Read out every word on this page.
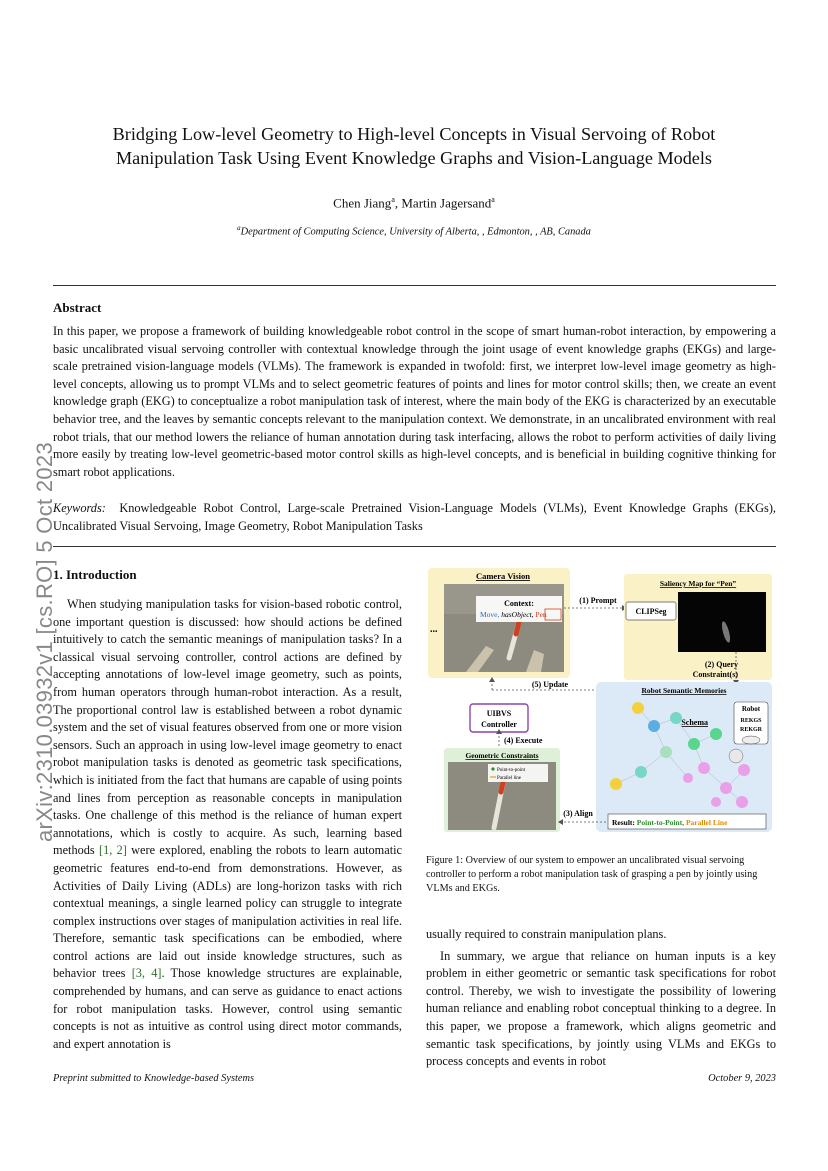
arXiv:2310.03932v1 [cs.RO] 5 Oct 2023
Bridging Low-level Geometry to High-level Concepts in Visual Servoing of Robot
Manipulation Task Using Event Knowledge Graphs and Vision-Language Models
Chen Jiang$^a$, Martin Jagersand$^a$
$^a$Department of Computing Science, University of Alberta, , Edmonton, , AB, Canada
Abstract
In this paper, we propose a framework of building knowledgeable robot control in the scope of smart human-robot interaction, by empowering a basic uncalibrated visual servoing controller with contextual knowledge through the joint usage of event knowledge graphs (EKGs) and large-scale pretrained vision-language models (VLMs). The framework is expanded in twofold: first, we interpret low-level image geometry as high-level concepts, allowing us to prompt VLMs and to select geometric features of points and lines for motor control skills; then, we create an event knowledge graph (EKG) to conceptualize a robot manipulation task of interest, where the main body of the EKG is characterized by an executable behavior tree, and the leaves by semantic concepts relevant to the manipulation context. We demonstrate, in an uncalibrated environment with real robot trials, that our method lowers the reliance of human annotation during task interfacing, allows the robot to perform activities of daily living more easily by treating low-level geometric-based motor control skills as high-level concepts, and is beneficial in building cognitive thinking for smart robot applications.
Keywords: Knowledgeable Robot Control, Large-scale Pretrained Vision-Language Models (VLMs), Event Knowledge Graphs (EKGs), Uncalibrated Visual Servoing, Image Geometry, Robot Manipulation Tasks
1. Introduction

When studying manipulation tasks for vision-based robotic control, one important question is discussed: how should actions be defined intuitively to catch the semantic meanings of manipulation tasks? In a classical visual servoing controller, control actions are defined by accepting annotations of low-level image geometry, such as points, from human operators through human-robot interaction. As a result, The proportional control law is established between a robot dynamic system and the set of visual features observed from one or more vision sensors. Such an approach in using low-level image geometry to enact robot manipulation tasks is denoted as geometric task specifications, which is initiated from the fact that humans are capable of using points and lines from perception as reasonable concepts in manipulation tasks. One challenge of this method is the reliance of human expert annotations, which is costly to acquire. As such, learning based methods [1, 2] were explored, enabling the robots to learn automatic geometric features end-to-end from demonstrations. However, as Activities of Daily Living (ADLs) are long-horizon tasks with rich contextual meanings, a single learned policy can struggle to integrate complex instructions over stages of manipulation activities in real life. Therefore, semantic task specifications can be embodied, where control actions are laid out inside knowledge structures, such as behavior trees [3, 4]. Those knowledge structures are explainable, comprehended by humans, and can serve as guidance to enact actions for robot manipulation tasks. However, control using semantic concepts is not as intuitive as control using direct motor commands, and expert annotation is

Camera Vision
Context:
Move, hasObject, Pen
...
(1) Prompt
Saliency Map for “Pen”
CLIPSeg
(2) Query
Constraint(s)
Robot Semantic Memories
Schema
Robot
REKGS
REKGR
Result: Point-to-Point, Parallel Line
(5) Update
UIBVS
Controller
(4) Execute
Geometric Constraints
Point-to-point
Parallel line
(3) Align
Figure 1: Overview of our system to empower an uncalibrated visual servoing controller to perform a robot manipulation task of grasping a pen by jointly using VLMs and EKGs.

usually required to constrain manipulation plans.

In summary, we argue that reliance on human inputs is a key problem in either geometric or semantic task specifications for robot control. Thereby, we wish to investigate the possibility of lowering human reliance and enabling robot conceptual thinking to a degree. In this paper, we propose a framework, which aligns geometric and semantic task specifications, by jointly using VLMs and EKGs to process concepts and events in robot

Preprint submitted to Knowledge-based Systems	October 9, 2023
